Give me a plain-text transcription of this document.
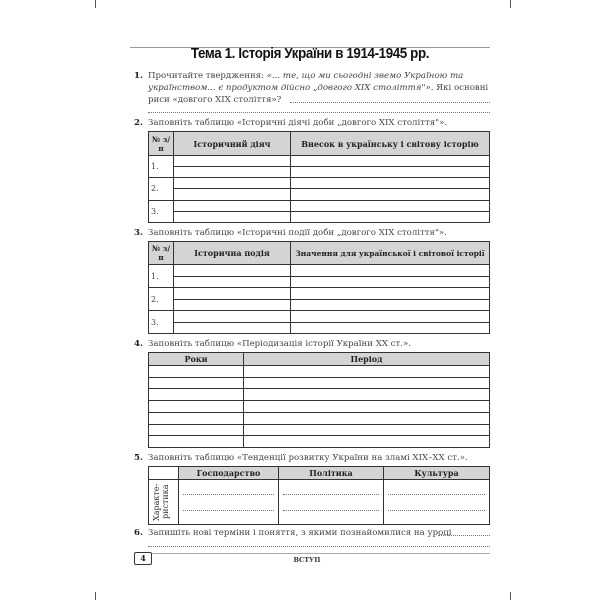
Тема 1. Історія України в 1914-1945 рр.
1. Прочитайте твердження: «... те, що ми сьогодні звемо Україною та українством... є продуктом дійсно „довгого XIX століття"». Які основні риси «довгого XIX століття»?
2. Заповніть таблицю «Історичні діячі доби „довгого XIX століття"».
№ з/п	Історичний діяч	Внесок в українську і світову історію
1.		

2.		

3.		

3. Заповніть таблицю «Історичні події доби „довгого XIX століття"».
№ з/п	Історична подія	Значення для української і світової історії
1.		

2.		

3.		

4. Заповніть таблицю «Періодизація історії України XX ст.».
Роки	Період

5. Заповніть таблицю «Тенденції розвитку України на зламі XIX–XX ст.».
	Господарство	Політика	Культура

Характе-ристика			

6. Запишіть нові терміни і поняття, з якими познайомилися на уроці
4	ВСТУП
